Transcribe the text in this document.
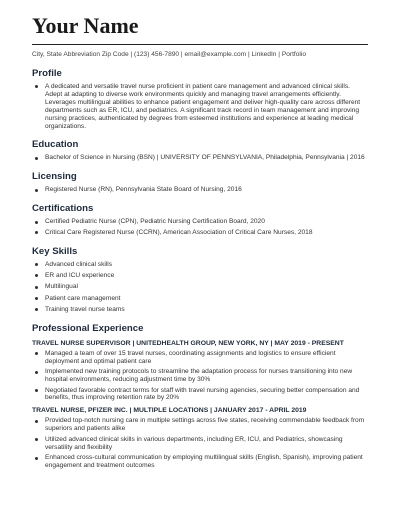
Your Name
City, State Abbreviation Zip Code | (123) 456-7890 | email@example.com | LinkedIn | Portfolio
Profile
A dedicated and versatile travel nurse proficient in patient care management and advanced clinical skills. Adept at adapting to diverse work environments quickly and managing travel arrangements efficiently. Leverages multilingual abilities to enhance patient engagement and deliver high-quality care across different departments such as ER, ICU, and pediatrics. A significant track record in team management and improving nursing practices, authenticated by degrees from esteemed institutions and experience at leading medical organizations.
Education
Bachelor of Science in Nursing (BSN) | UNIVERSITY OF PENNSYLVANIA, Philadelphia, Pennsylvania | 2016
Licensing
Registered Nurse (RN), Pennsylvania State Board of Nursing, 2016
Certifications
Certified Pediatric Nurse (CPN), Pediatric Nursing Certification Board, 2020
Critical Care Registered Nurse (CCRN), American Association of Critical Care Nurses, 2018
Key Skills
Advanced clinical skills
ER and ICU experience
Multilingual
Patient care management
Training travel nurse teams
Professional Experience
TRAVEL NURSE SUPERVISOR | UNITEDHEALTH GROUP, NEW YORK, NY | MAY 2019 - PRESENT
Managed a team of over 15 travel nurses, coordinating assignments and logistics to ensure efficient deployment and optimal patient care
Implemented new training protocols to streamline the adaptation process for nurses transitioning into new hospital environments, reducing adjustment time by 30%
Negotiated favorable contract terms for staff with travel nursing agencies, securing better compensation and benefits, thus improving retention rate by 20%
TRAVEL NURSE, PFIZER INC. | MULTIPLE LOCATIONS | JANUARY 2017 - APRIL 2019
Provided top-notch nursing care in multiple settings across five states, receiving commendable feedback from superiors and patients alike
Utilized advanced clinical skills in various departments, including ER, ICU, and Pediatrics, showcasing versatility and flexibility
Enhanced cross-cultural communication by employing multilingual skills (English, Spanish), improving patient engagement and treatment outcomes
